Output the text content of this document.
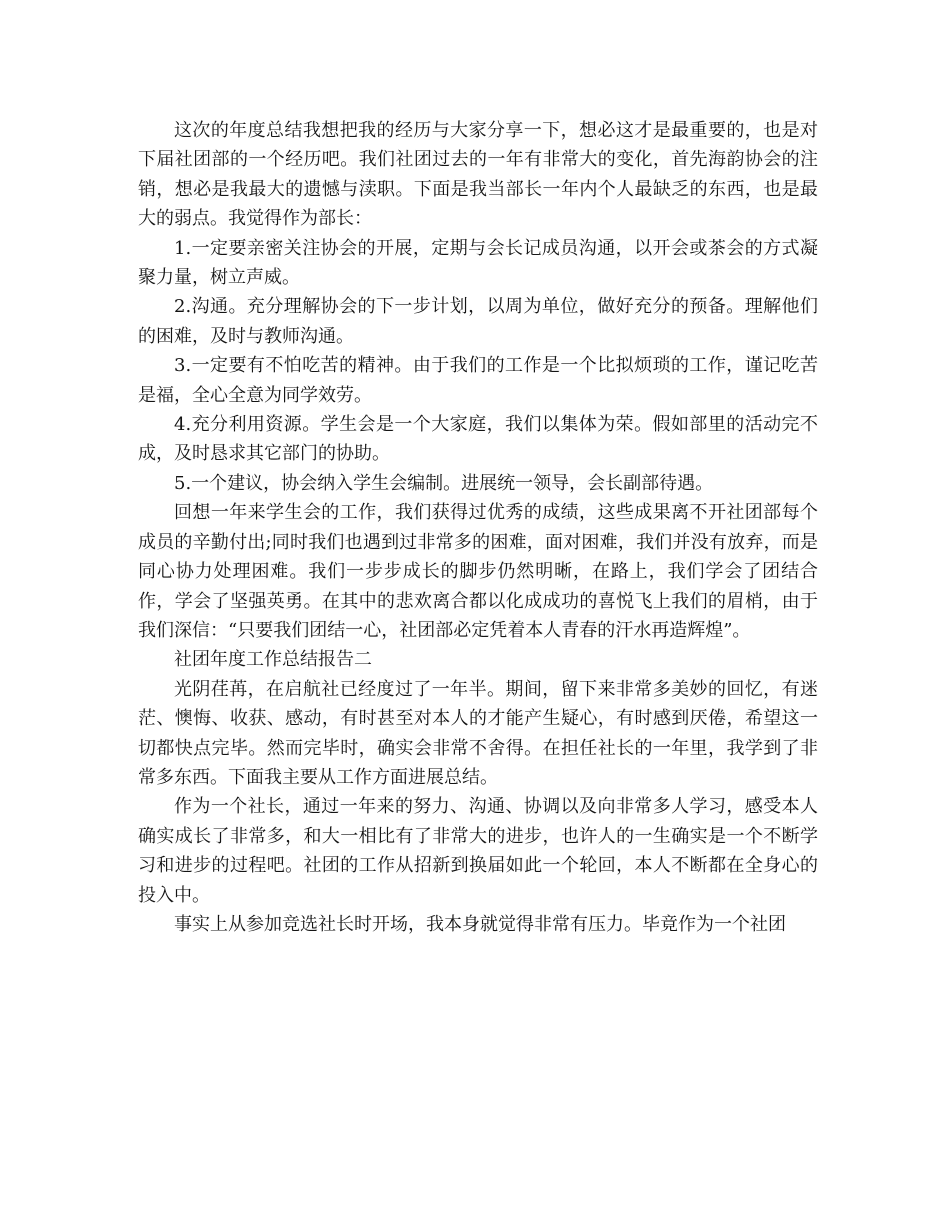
这次的年度总结我想把我的经历与大家分享一下，想必这才是最重要的，也是对下届社团部的一个经历吧。我们社团过去的一年有非常大的变化，首先海韵协会的注销，想必是我最大的遗憾与渎职。下面是我当部长一年内个人最缺乏的东西，也是最大的弱点。我觉得作为部长：

1.一定要亲密关注协会的开展，定期与会长记成员沟通，以开会或茶会的方式凝聚力量，树立声威。

2.沟通。充分理解协会的下一步计划，以周为单位，做好充分的预备。理解他们的困难，及时与教师沟通。

3.一定要有不怕吃苦的精神。由于我们的工作是一个比拟烦琐的工作，谨记吃苦是福，全心全意为同学效劳。

4.充分利用资源。学生会是一个大家庭，我们以集体为荣。假如部里的活动完不成，及时恳求其它部门的协助。

5.一个建议，协会纳入学生会编制。进展统一领导，会长副部待遇。

回想一年来学生会的工作，我们获得过优秀的成绩，这些成果离不开社团部每个成员的辛勤付出;同时我们也遇到过非常多的困难，面对困难，我们并没有放弃，而是同心协力处理困难。我们一步步成长的脚步仍然明晰，在路上，我们学会了团结合作，学会了坚强英勇。在其中的悲欢离合都以化成成功的喜悦飞上我们的眉梢，由于我们深信：“只要我们团结一心，社团部必定凭着本人青春的汗水再造辉煌”。

社团年度工作总结报告二

光阴荏苒，在启航社已经度过了一年半。期间，留下来非常多美妙的回忆，有迷茫、懊悔、收获、感动，有时甚至对本人的才能产生疑心，有时感到厌倦，希望这一切都快点完毕。然而完毕时，确实会非常不舍得。在担任社长的一年里，我学到了非常多东西。下面我主要从工作方面进展总结。

作为一个社长，通过一年来的努力、沟通、协调以及向非常多人学习，感受本人确实成长了非常多，和大一相比有了非常大的进步，也许人的一生确实是一个不断学习和进步的过程吧。社团的工作从招新到换届如此一个轮回，本人不断都在全身心的投入中。

事实上从参加竞选社长时开场，我本身就觉得非常有压力。毕竟作为一个社团
